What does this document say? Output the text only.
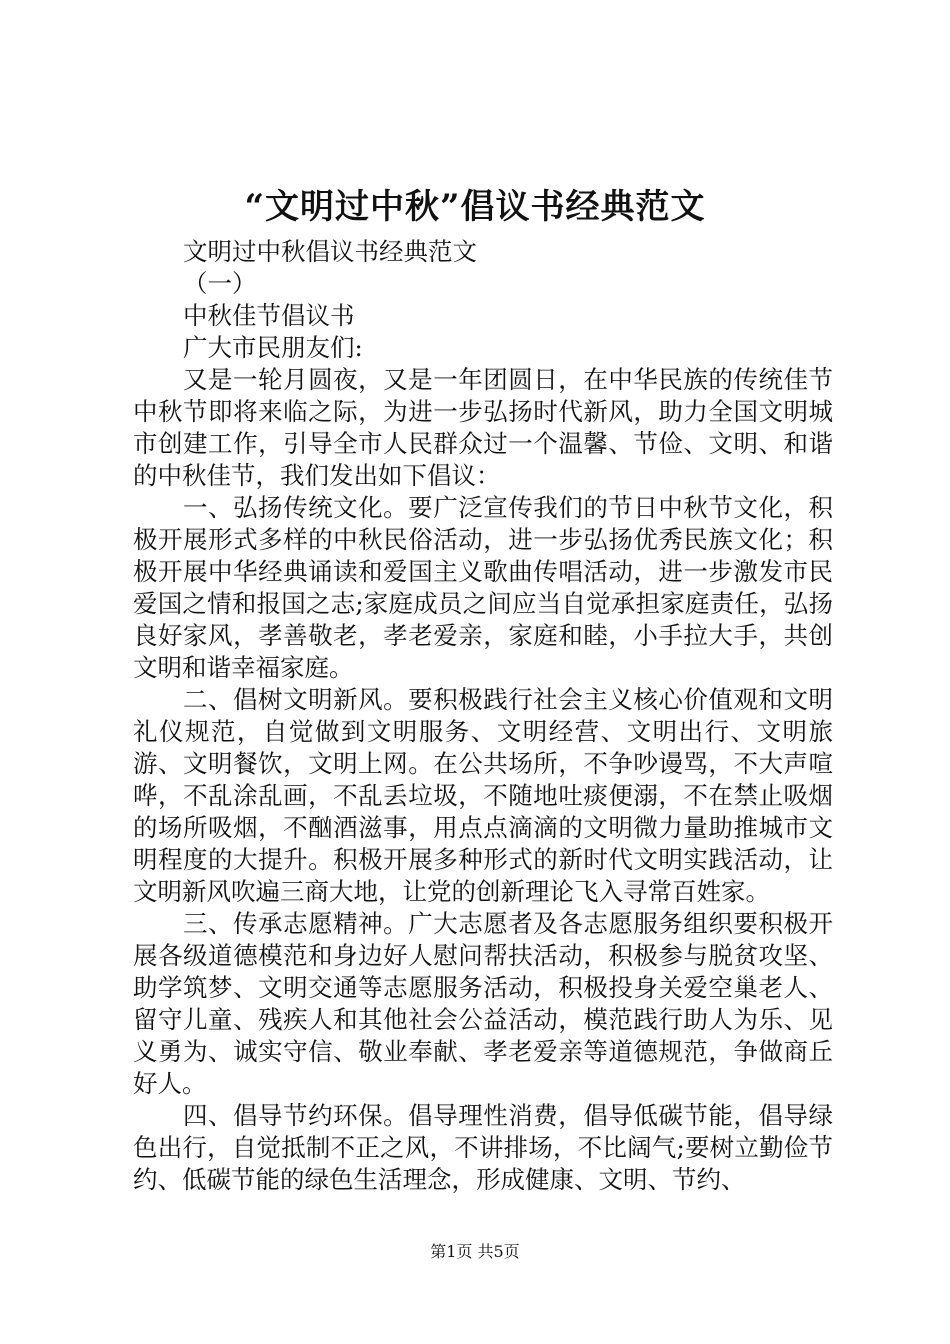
“文明过中秋”倡议书经典范文

文明过中秋倡议书经典范文

（一）

中秋佳节倡议书

广大市民朋友们:

又是一轮月圆夜，又是一年团圆日，在中华民族的传统佳节中秋节即将来临之际，为进一步弘扬时代新风，助力全国文明城市创建工作，引导全市人民群众过一个温馨、节俭、文明、和谐的中秋佳节，我们发出如下倡议：

一、弘扬传统文化。要广泛宣传我们的节日中秋节文化，积极开展形式多样的中秋民俗活动，进一步弘扬优秀民族文化；积极开展中华经典诵读和爱国主义歌曲传唱活动，进一步激发市民爱国之情和报国之志;家庭成员之间应当自觉承担家庭责任，弘扬良好家风，孝善敬老，孝老爱亲，家庭和睦，小手拉大手，共创文明和谐幸福家庭。

二、倡树文明新风。要积极践行社会主义核心价值观和文明礼仪规范，自觉做到文明服务、文明经营、文明出行、文明旅游、文明餐饮，文明上网。在公共场所，不争吵谩骂，不大声喧哗，不乱涂乱画，不乱丢垃圾，不随地吐痰便溺，不在禁止吸烟的场所吸烟，不酗酒滋事，用点点滴滴的文明微力量助推城市文明程度的大提升。积极开展多种形式的新时代文明实践活动，让文明新风吹遍三商大地，让党的创新理论飞入寻常百姓家。

三、传承志愿精神。广大志愿者及各志愿服务组织要积极开展各级道德模范和身边好人慰问帮扶活动，积极参与脱贫攻坚、助学筑梦、文明交通等志愿服务活动，积极投身关爱空巢老人、留守儿童、残疾人和其他社会公益活动，模范践行助人为乐、见义勇为、诚实守信、敬业奉献、孝老爱亲等道德规范，争做商丘好人。

四、倡导节约环保。倡导理性消费，倡导低碳节能，倡导绿色出行，自觉抵制不正之风，不讲排场，不比阔气;要树立勤俭节约、低碳节能的绿色生活理念，形成健康、文明、节约、

第1页 共5页
